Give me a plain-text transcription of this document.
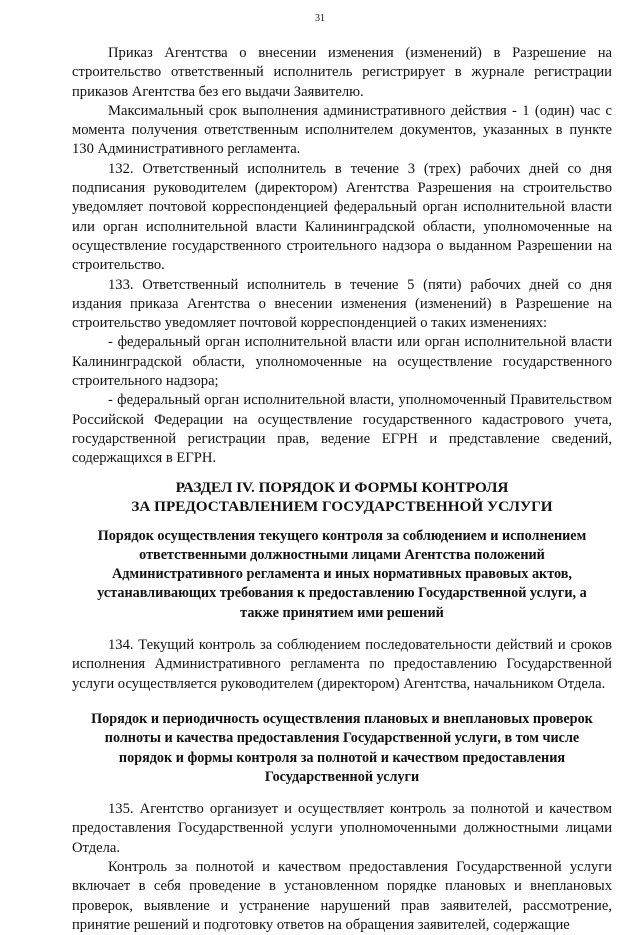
31

Приказ Агентства о внесении изменения (изменений) в Разрешение на строительство ответственный исполнитель регистрирует в журнале регистрации приказов Агентства без его выдачи Заявителю.

Максимальный срок выполнения административного действия - 1 (один) час с момента получения ответственным исполнителем документов, указанных в пункте 130 Административного регламента.

132. Ответственный исполнитель в течение 3 (трех) рабочих дней со дня подписания руководителем (директором) Агентства Разрешения на строительство уведомляет почтовой корреспонденцией федеральный орган исполнительной власти или орган исполнительной власти Калининградской области, уполномоченные на осуществление государственного строительного надзора о выданном Разрешении на строительство.

133. Ответственный исполнитель в течение 5 (пяти) рабочих дней со дня издания приказа Агентства о внесении изменения (изменений) в Разрешение на строительство уведомляет почтовой корреспонденцией о таких изменениях:

- федеральный орган исполнительной власти или орган исполнительной власти Калининградской области, уполномоченные на осуществление государственного строительного надзора;

- федеральный орган исполнительной власти, уполномоченный Правительством Российской Федерации на осуществление государственного кадастрового учета, государственной регистрации прав, ведение ЕГРН и представление сведений, содержащихся в ЕГРН.

РАЗДЕЛ IV. ПОРЯДОК И ФОРМЫ КОНТРОЛЯ
ЗА ПРЕДОСТАВЛЕНИЕМ ГОСУДАРСТВЕННОЙ УСЛУГИ
Порядок осуществления текущего контроля за соблюдением и исполнением
ответственными должностными лицами Агентства положений
Административного регламента и иных нормативных правовых актов,
устанавливающих требования к предоставлению Государственной услуги, а
также принятием ими решений

134. Текущий контроль за соблюдением последовательности действий и сроков исполнения Административного регламента по предоставлению Государственной услуги осуществляется руководителем (директором) Агентства, начальником Отдела.

Порядок и периодичность осуществления плановых и внеплановых проверок
полноты и качества предоставления Государственной услуги, в том числе
порядок и формы контроля за полнотой и качеством предоставления
Государственной услуги

135. Агентство организует и осуществляет контроль за полнотой и качеством предоставления Государственной услуги уполномоченными должностными лицами Отдела.

Контроль за полнотой и качеством предоставления Государственной услуги включает в себя проведение в установленном порядке плановых и внеплановых проверок, выявление и устранение нарушений прав заявителей, рассмотрение, принятие решений и подготовку ответов на обращения заявителей, содержащие
